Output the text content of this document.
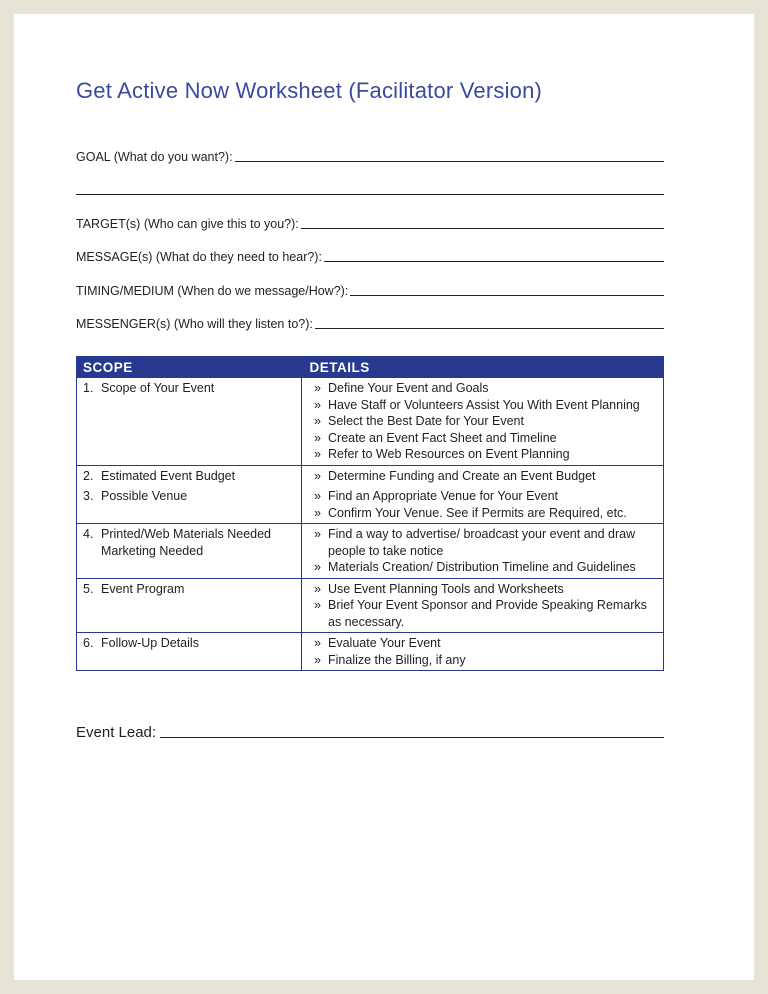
Get Active Now Worksheet (Facilitator Version)
GOAL (What do you want?):
TARGET(s) (Who can give this to you?):
MESSAGE(s) (What do they need to hear?):
TIMING/MEDIUM (When do we message/How?):
MESSENGER(s) (Who will they listen to?):
SCOPE	DETAILS
1. Scope of Your Event	» Define Your Event and Goals
» Have Staff or Volunteers Assist You With Event Planning
» Select the Best Date for Your Event
» Create an Event Fact Sheet and Timeline
» Refer to Web Resources on Event Planning

2. Estimated Event Budget	» Determine Funding and Create an Event Budget

3. Possible Venue	» Find an Appropriate Venue for Your Event
» Confirm Your Venue. See if Permits are Required, etc.

4. Printed/Web Materials Needed
Marketing Needed	» Find a way to advertise/ broadcast your event and draw people to take notice
» Materials Creation/ Distribution Timeline and Guidelines

5. Event Program	» Use Event Planning Tools and Worksheets
» Brief Your Event Sponsor and Provide Speaking Remarks as necessary.

6. Follow-Up Details	» Evaluate Your Event
» Finalize the Billing, if any
Event Lead:
